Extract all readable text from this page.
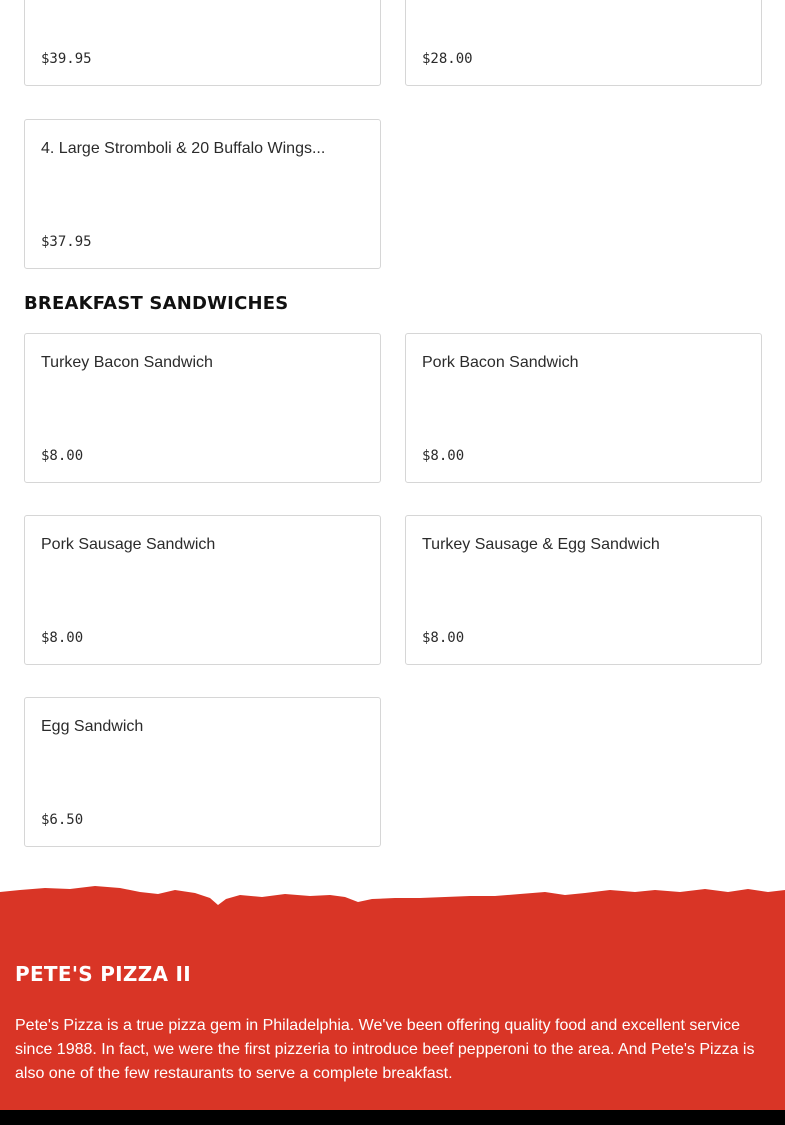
$39.95	$28.00
4. Large Stromboli & 20 Buffalo Wings...
$37.95
BREAKFAST SANDWICHES
Turkey Bacon Sandwich
$8.00
Pork Bacon Sandwich
$8.00
Pork Sausage Sandwich
$8.00
Turkey Sausage & Egg Sandwich
$8.00
Egg Sandwich
$6.50
PETE'S PIZZA II

Pete's Pizza is a true pizza gem in Philadelphia. We've been offering quality food and excellent service since 1988. In fact, we were the first pizzeria to introduce beef pepperoni to the area. And Pete's Pizza is also one of the few restaurants to serve a complete breakfast.
